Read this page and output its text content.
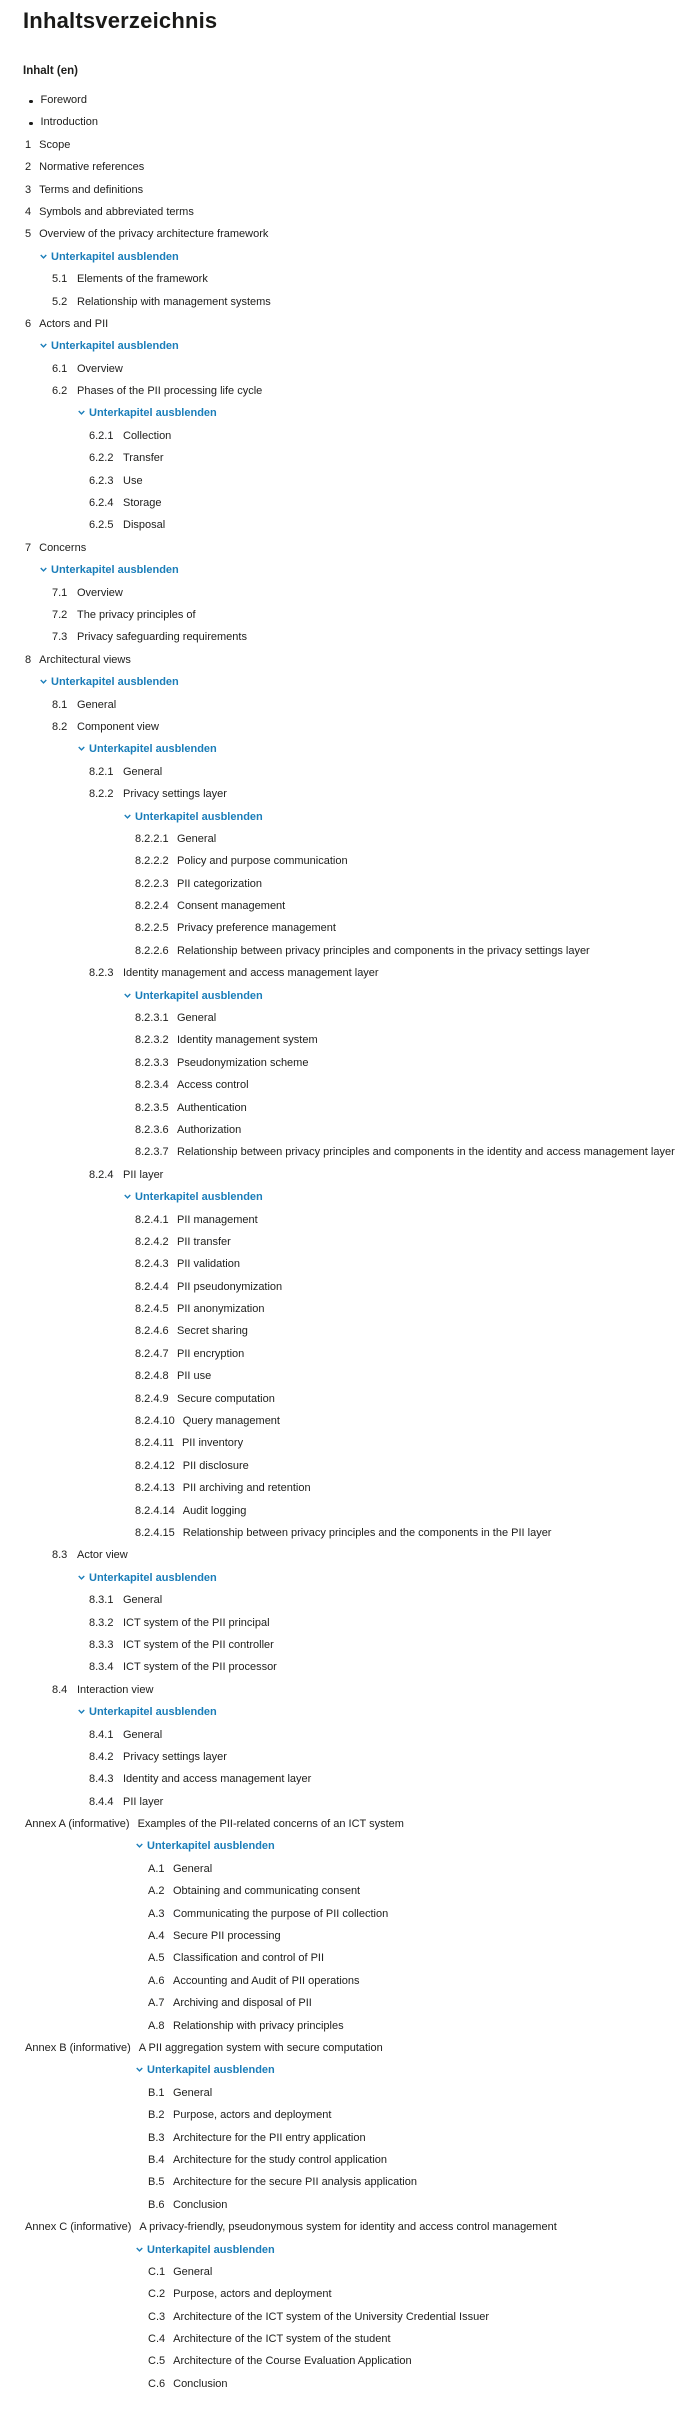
Inhaltsverzeichnis
Inhalt (en)
Foreword
Introduction
1 Scope
2 Normative references
3 Terms and definitions
4 Symbols and abbreviated terms
5 Overview of the privacy architecture framework
Unterkapitel ausblenden
5.1 Elements of the framework
5.2 Relationship with management systems
6 Actors and PII
Unterkapitel ausblenden
6.1 Overview
6.2 Phases of the PII processing life cycle
Unterkapitel ausblenden
6.2.1 Collection
6.2.2 Transfer
6.2.3 Use
6.2.4 Storage
6.2.5 Disposal
7 Concerns
Unterkapitel ausblenden
7.1 Overview
7.2 The privacy principles of
7.3 Privacy safeguarding requirements
8 Architectural views
Unterkapitel ausblenden
8.1 General
8.2 Component view
Unterkapitel ausblenden
8.2.1 General
8.2.2 Privacy settings layer
Unterkapitel ausblenden
8.2.2.1 General
8.2.2.2 Policy and purpose communication
8.2.2.3 PII categorization
8.2.2.4 Consent management
8.2.2.5 Privacy preference management
8.2.2.6 Relationship between privacy principles and components in the privacy settings layer
8.2.3 Identity management and access management layer
Unterkapitel ausblenden
8.2.3.1 General
8.2.3.2 Identity management system
8.2.3.3 Pseudonymization scheme
8.2.3.4 Access control
8.2.3.5 Authentication
8.2.3.6 Authorization
8.2.3.7 Relationship between privacy principles and components in the identity and access management layer
8.2.4 PII layer
Unterkapitel ausblenden
8.2.4.1 PII management
8.2.4.2 PII transfer
8.2.4.3 PII validation
8.2.4.4 PII pseudonymization
8.2.4.5 PII anonymization
8.2.4.6 Secret sharing
8.2.4.7 PII encryption
8.2.4.8 PII use
8.2.4.9 Secure computation
8.2.4.10 Query management
8.2.4.11 PII inventory
8.2.4.12 PII disclosure
8.2.4.13 PII archiving and retention
8.2.4.14 Audit logging
8.2.4.15 Relationship between privacy principles and the components in the PII layer
8.3 Actor view
Unterkapitel ausblenden
8.3.1 General
8.3.2 ICT system of the PII principal
8.3.3 ICT system of the PII controller
8.3.4 ICT system of the PII processor
8.4 Interaction view
Unterkapitel ausblenden
8.4.1 General
8.4.2 Privacy settings layer
8.4.3 Identity and access management layer
8.4.4 PII layer
Annex A (informative) Examples of the PII-related concerns of an ICT system
Unterkapitel ausblenden
A.1 General
A.2 Obtaining and communicating consent
A.3 Communicating the purpose of PII collection
A.4 Secure PII processing
A.5 Classification and control of PII
A.6 Accounting and Audit of PII operations
A.7 Archiving and disposal of PII
A.8 Relationship with privacy principles
Annex B (informative) A PII aggregation system with secure computation
Unterkapitel ausblenden
B.1 General
B.2 Purpose, actors and deployment
B.3 Architecture for the PII entry application
B.4 Architecture for the study control application
B.5 Architecture for the secure PII analysis application
B.6 Conclusion
Annex C (informative) A privacy-friendly, pseudonymous system for identity and access control management
Unterkapitel ausblenden
C.1 General
C.2 Purpose, actors and deployment
C.3 Architecture of the ICT system of the University Credential Issuer
C.4 Architecture of the ICT system of the student
C.5 Architecture of the Course Evaluation Application
C.6 Conclusion
